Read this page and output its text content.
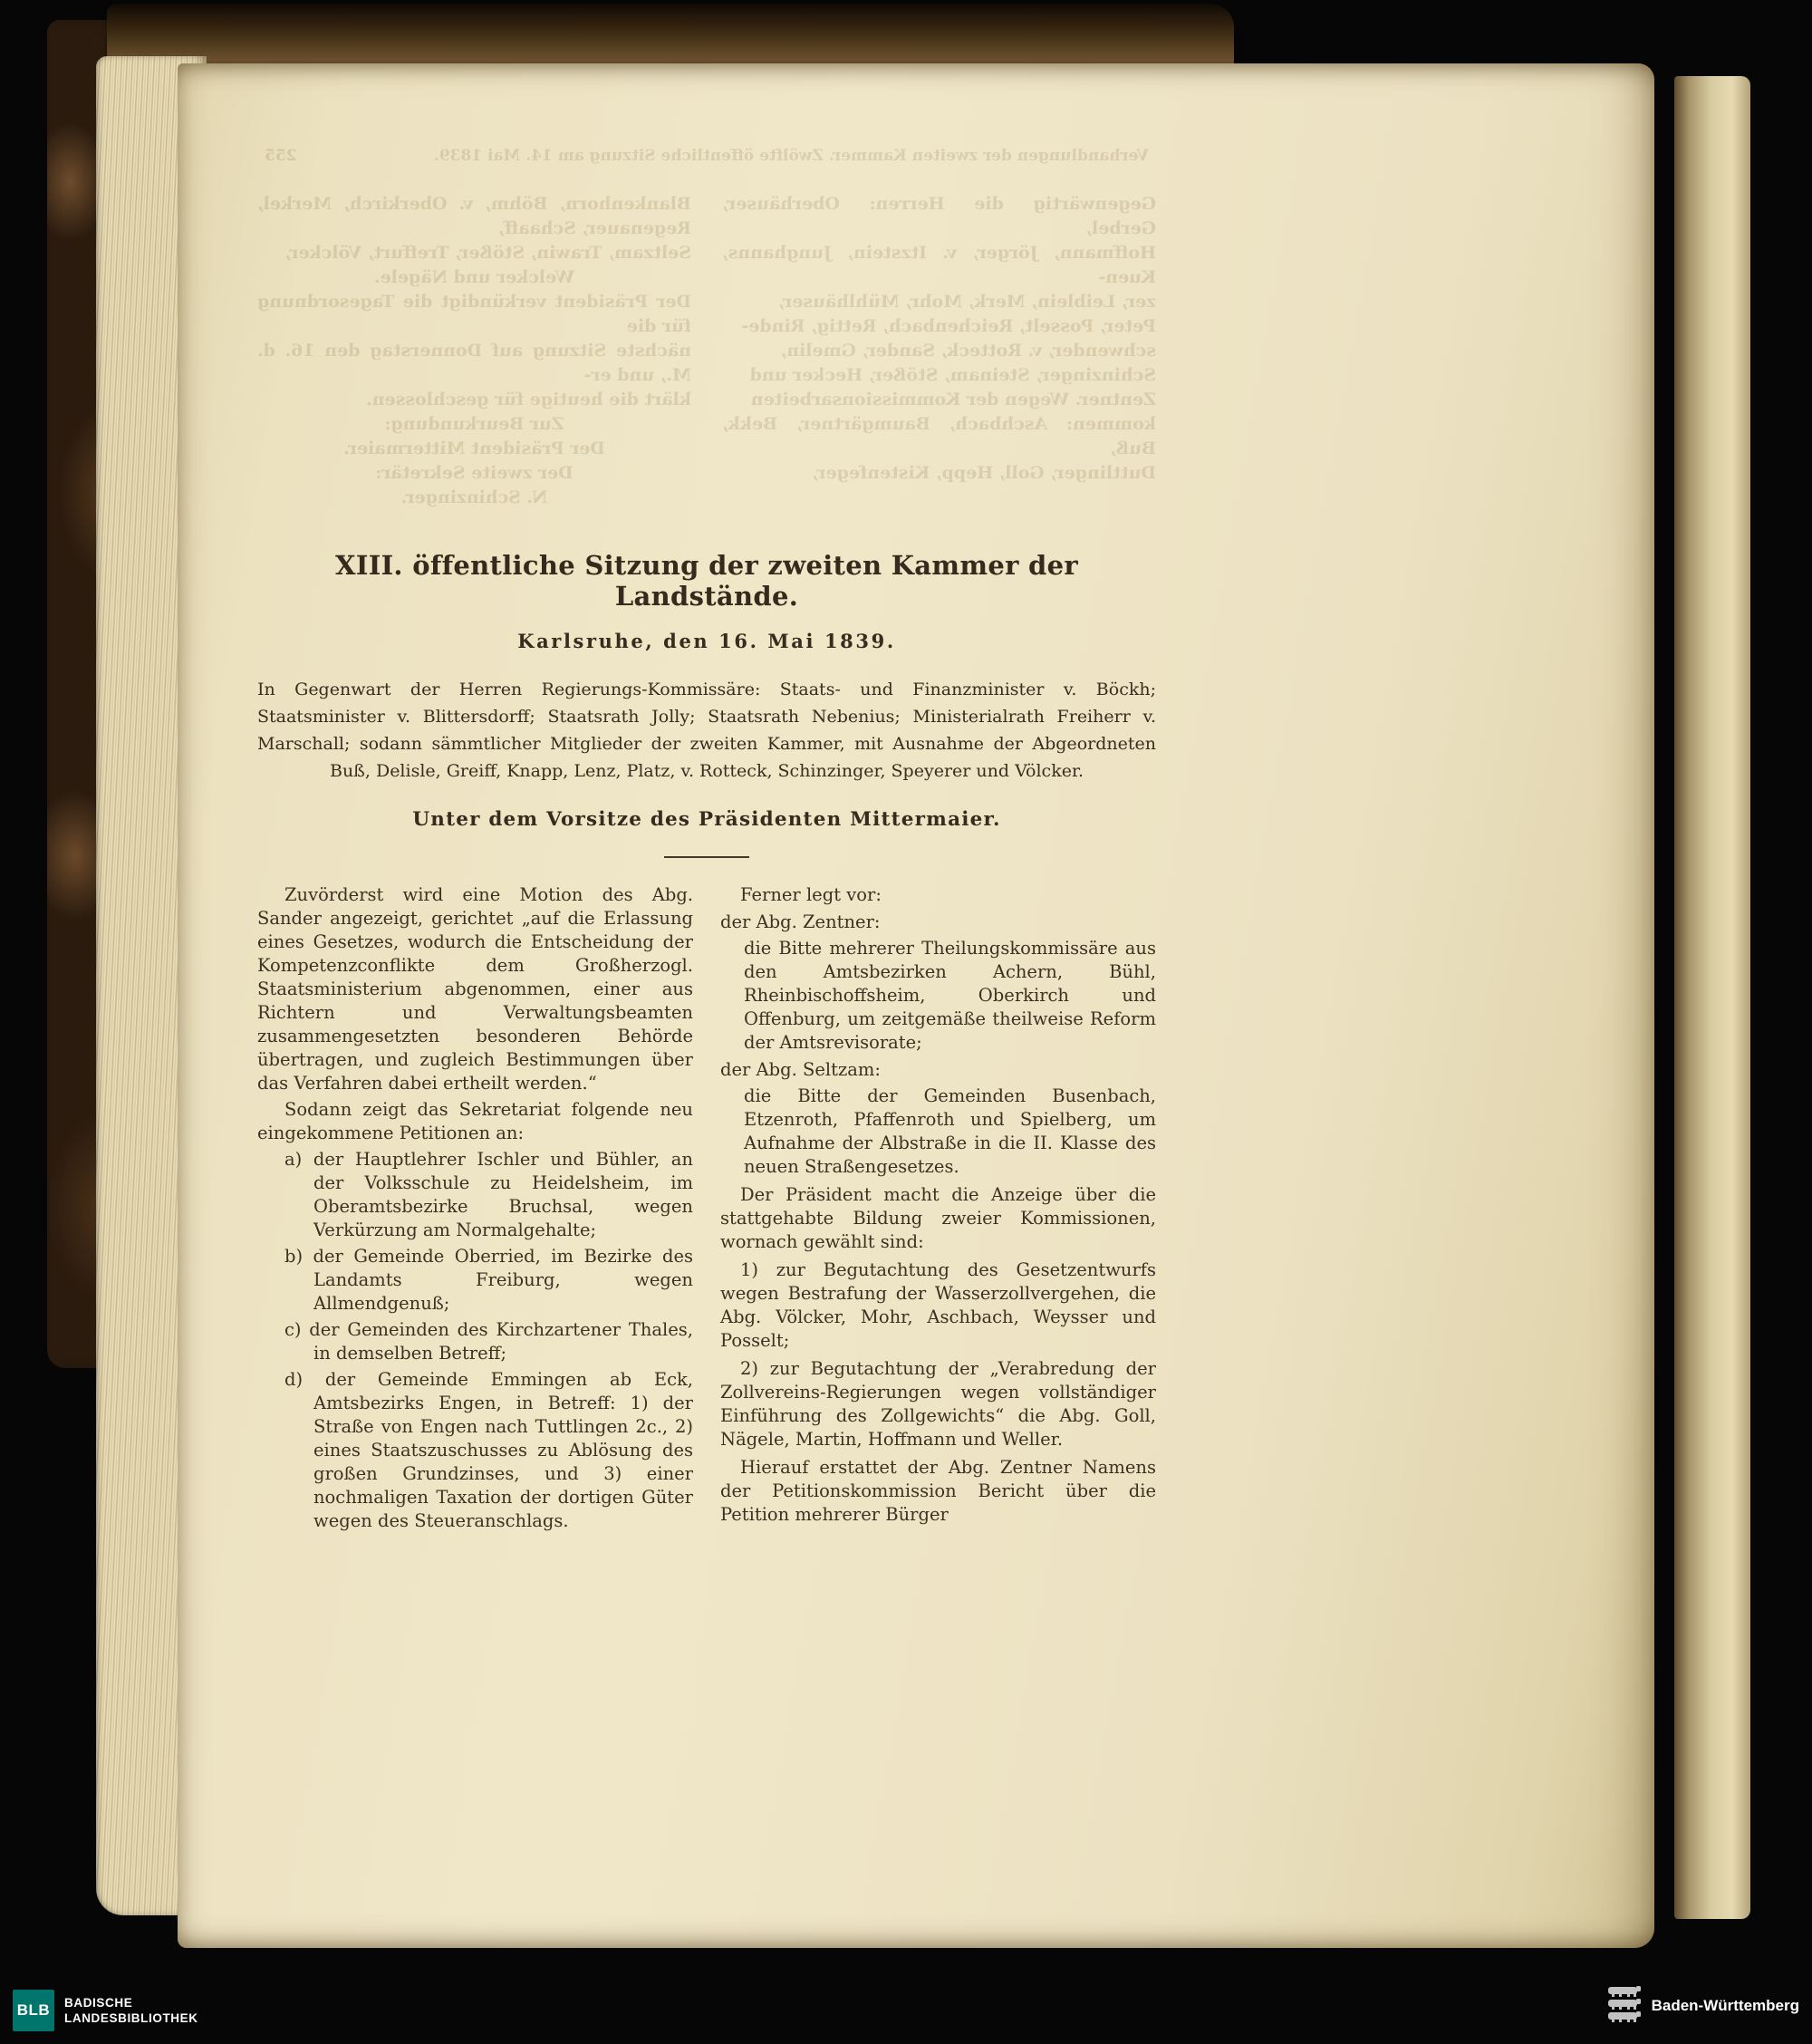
Verhandlungen der zweiten Kammer. Zwölfte öffentliche Sitzung am 14. Mai 1839.
255
Gegenwärtig die Herren: Oberhäuser, Gerbel,
Hoffmann, Jörger, v. Itzstein, Junghanns, Kuen-
zer, Leiblein, Merk, Mohr, Mühlhäuser,
Peter, Posselt, Reichenbach, Rettig, Rinde-
schwender, v. Rotteck, Sander, Gmelin,
Schinzinger, Steinam, Stößer, Hecker und
Zentner. Wegen der Kommissionsarbeiten
kommen: Aschbach, Baumgärtner, Bekk, Buß,
Duttlinger, Goll, Hepp, Kistenfeger,
Blankenhorn, Böhm, v. Oberkirch, Merkel, Regenauer, Schaaff,
Seltzam, Trawin, Stößer, Treffurt, Völcker,
Welcker und Nägele.
Der Präsident verkündigt die Tagesordnung für die
nächste Sitzung auf Donnerstag den 16. d. M., und er-
klärt die heutige für geschlossen.
Zur Beurkundung:
Der Präsident Mittermaier.
Der zweite Sekretär:
N. Schinzinger.
XIII. öffentliche Sitzung der zweiten Kammer der Landstände.
Karlsruhe, den 16. Mai 1839.

In Gegenwart der Herren Regierungs-Kommissäre: Staats- und Finanzminister v. Böckh; Staatsminister v. Blittersdorff; Staatsrath Jolly; Staatsrath Nebenius; Ministerialrath Freiherr v. Marschall; sodann sämmtlicher Mitglieder der zweiten Kammer, mit Ausnahme der Abgeordneten Buß, Delisle, Greiff, Knapp, Lenz, Platz, v. Rotteck, Schinzinger, Speyerer und Völcker.

Unter dem Vorsitze des Präsidenten Mittermaier.

Zuvörderst wird eine Motion des Abg. Sander angezeigt, gerichtet „auf die Erlassung eines Gesetzes, wodurch die Entscheidung der Kompetenzconflikte dem Großherzogl. Staatsministerium abgenommen, einer aus Richtern und Verwaltungsbeamten zusammengesetzten besonderen Behörde übertragen, und zugleich Bestimmungen über das Verfahren dabei ertheilt werden.“

Sodann zeigt das Sekretariat folgende neu eingekommene Petitionen an:

a) der Hauptlehrer Ischler und Bühler, an der Volksschule zu Heidelsheim, im Oberamtsbezirke Bruchsal, wegen Verkürzung am Normalgehalte;
b) der Gemeinde Oberried, im Bezirke des Landamts Freiburg, wegen Allmendgenuß;
c) der Gemeinden des Kirchzartener Thales, in demselben Betreff;
d) der Gemeinde Emmingen ab Eck, Amtsbezirks Engen, in Betreff: 1) der Straße von Engen nach Tuttlingen 2c., 2) eines Staatszuschusses zu Ablösung des großen Grundzinses, und 3) einer nochmaligen Taxation der dortigen Güter wegen des Steueranschlags.
Ferner legt vor:
der Abg. Zentner:
die Bitte mehrerer Theilungskommissäre aus den Amtsbezirken Achern, Bühl, Rheinbischoffsheim, Oberkirch und Offenburg, um zeitgemäße theilweise Reform der Amtsrevisorate;
der Abg. Seltzam:
die Bitte der Gemeinden Busenbach, Etzenroth, Pfaffenroth und Spielberg, um Aufnahme der Albstraße in die II. Klasse des neuen Straßengesetzes.
Der Präsident macht die Anzeige über die stattgehabte Bildung zweier Kommissionen, wornach gewählt sind:
1) zur Begutachtung des Gesetzentwurfs wegen Bestrafung der Wasserzollvergehen, die Abg. Völcker, Mohr, Aschbach, Weysser und Posselt;
2) zur Begutachtung der „Verabredung der Zollvereins-Regierungen wegen vollständiger Einführung des Zollgewichts“ die Abg. Goll, Nägele, Martin, Hoffmann und Weller.
Hierauf erstattet der Abg. Zentner Namens der Petitionskommission Bericht über die Petition mehrerer Bürger
BLB	BADISCHE
LANDESBIBLIOTHEK
Baden-Württemberg
